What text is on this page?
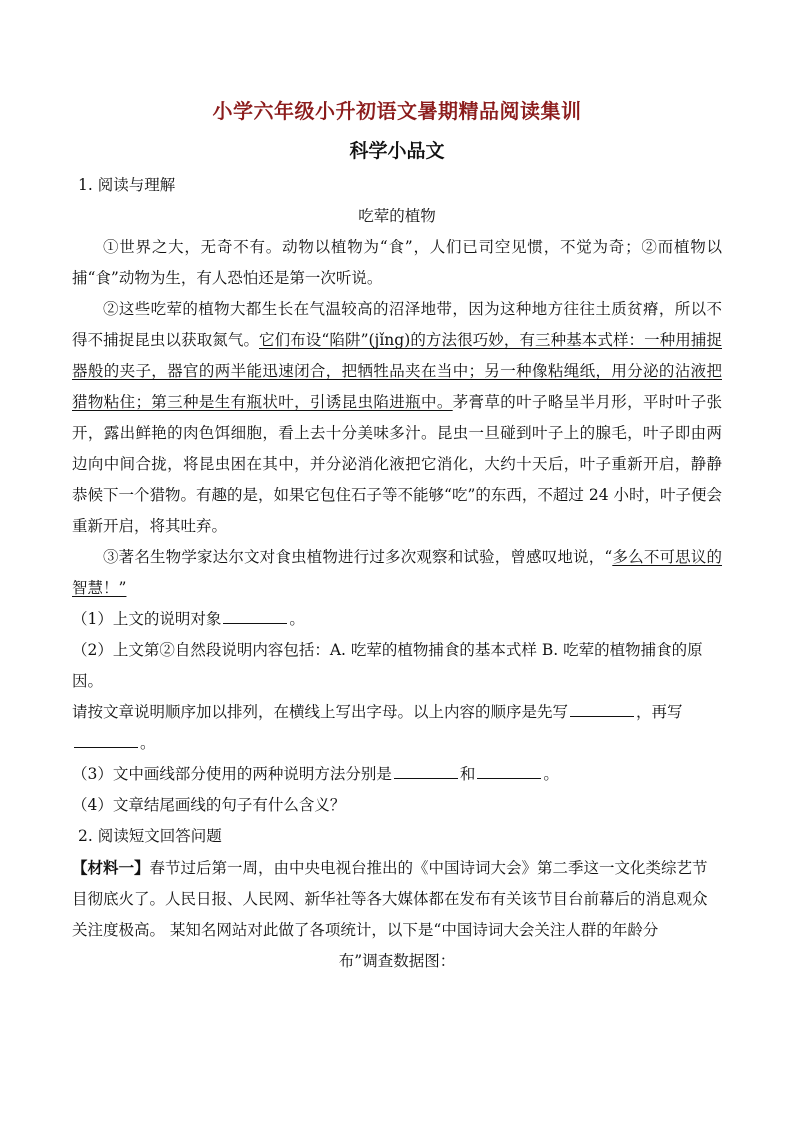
小学六年级小升初语文暑期精品阅读集训
科学小品文

1. 阅读与理解

吃荤的植物

①世界之大，无奇不有。动物以植物为“食”，人们已司空见惯，不觉为奇；②而植物以捕“食”动物为生，有人恐怕还是第一次听说。

②这些吃荤的植物大都生长在气温较高的沼泽地带，因为这种地方往往土质贫瘠，所以不得不捕捉昆虫以获取氮气。它们布设“陷阱”(jǐng)的方法很巧妙，有三种基本式样：一种用捕捉器般的夹子，器官的两半能迅速闭合，把牺牲品夹在当中；另一种像粘绳纸，用分泌的沾液把猎物粘住；第三种是生有瓶状叶，引诱昆虫陷进瓶中。茅膏草的叶子略呈半月形，平时叶子张开，露出鲜艳的肉色饵细胞，看上去十分美味多汁。昆虫一旦碰到叶子上的腺毛，叶子即由两边向中间合拢，将昆虫困在其中，并分泌消化液把它消化，大约十天后，叶子重新开启，静静恭候下一个猎物。有趣的是，如果它包住石子等不能够“吃”的东西，不超过 24 小时，叶子便会重新开启，将其吐弃。

③著名生物学家达尔文对食虫植物进行过多次观察和试验，曾感叹地说，“多么不可思议的智慧！”

（1）上文的说明对象	。

（2）上文第②自然段说明内容包括：A. 吃荤的植物捕食的基本式样 B. 吃荤的植物捕食的原因。

请按文章说明顺序加以排列，在横线上写出字母。以上内容的顺序是先写	，再写。

（3）文中画线部分使用的两种说明方法分别是	和	。

（4）文章结尾画线的句子有什么含义？

2. 阅读短文回答问题

【材料一】春节过后第一周，由中央电视台推出的《中国诗词大会》第二季这一文化类综艺节目彻底火了。人民日报、人民网、新华社等各大媒体都在发布有关该节目台前幕后的消息观众关注度极高。 某知名网站对此做了各项统计，以下是“中国诗词大会关注人群的年龄分

布”调查数据图：
